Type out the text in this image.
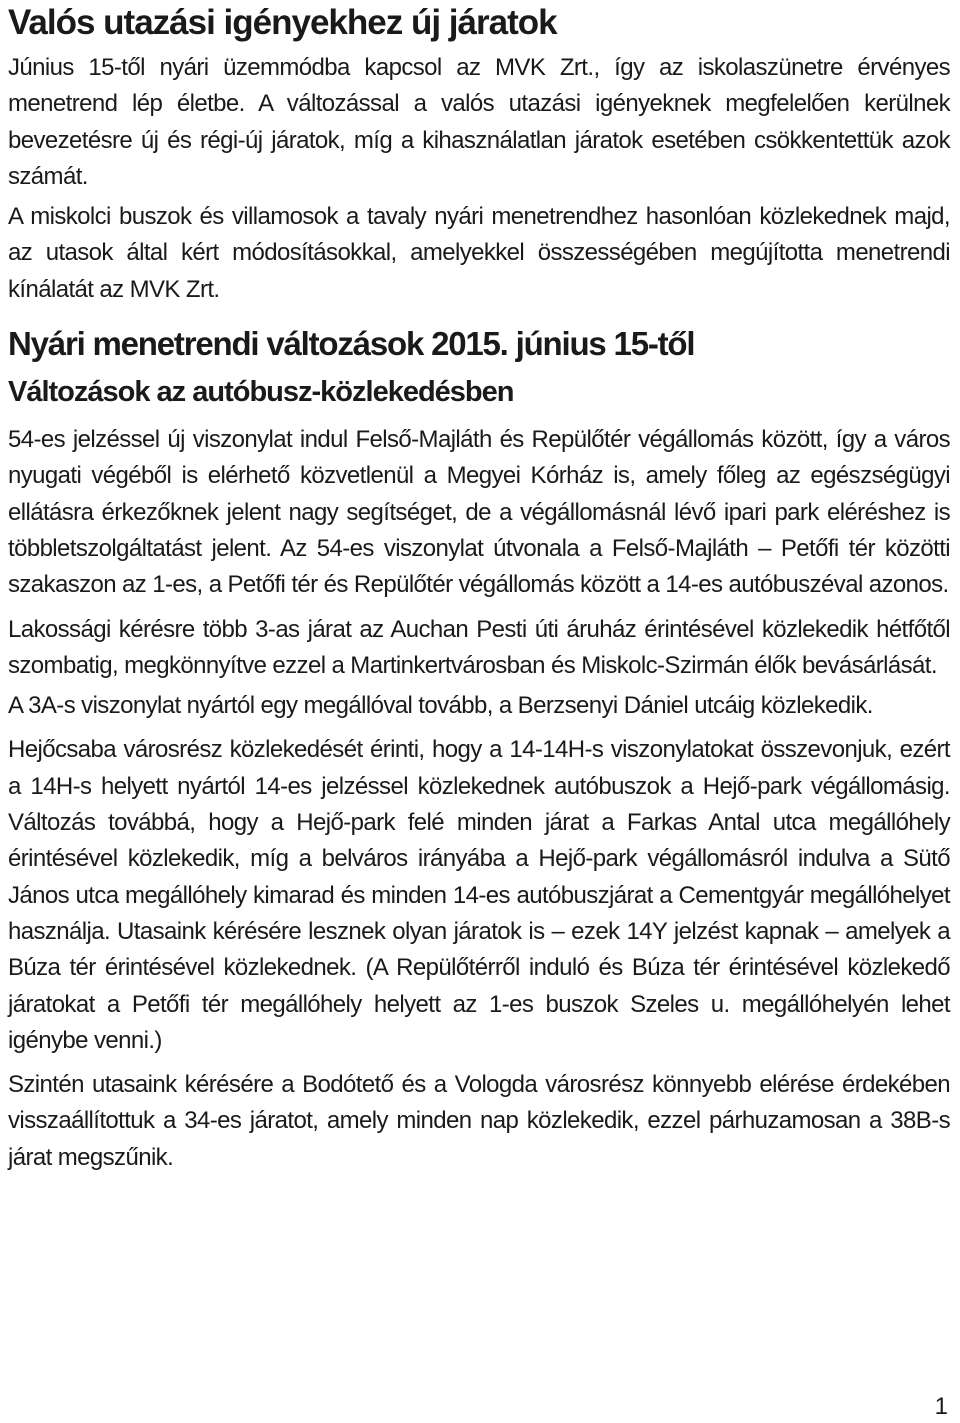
Valós utazási igényekhez új járatok

Június 15-től nyári üzemmódba kapcsol az MVK Zrt., így az iskolaszünetre érvényes menetrend lép életbe. A változással a valós utazási igényeknek megfelelően kerülnek bevezetésre új és régi-új járatok, míg a kihasználatlan járatok esetében csökkentettük azok számát.

A miskolci buszok és villamosok a tavaly nyári menetrendhez hasonlóan közlekednek majd, az utasok által kért módosításokkal, amelyekkel összességében megújította menetrendi kínálatát az MVK Zrt.

Nyári menetrendi változások 2015. június 15-től
Változások az autóbusz-közlekedésben

54-es jelzéssel új viszonylat indul Felső-Majláth és Repülőtér végállomás között, így a város nyugati végéből is elérhető közvetlenül a Megyei Kórház is, amely főleg az egészségügyi ellátásra érkezőknek jelent nagy segítséget, de a végállomásnál lévő ipari park eléréshez is többletszolgáltatást jelent. Az 54-es viszonylat útvonala a Felső-Majláth – Petőfi tér közötti szakaszon az 1-es, a Petőfi tér és Repülőtér végállomás között a 14-es autóbuszéval azonos.

Lakossági kérésre több 3-as járat az Auchan Pesti úti áruház érintésével közlekedik hétfőtől szombatig, megkönnyítve ezzel a Martinkertvárosban és Miskolc-Szirmán élők bevásárlását.

A 3A-s viszonylat nyártól egy megállóval tovább, a Berzsenyi Dániel utcáig közlekedik.

Hejőcsaba városrész közlekedését érinti, hogy a 14-14H-s viszonylatokat összevonjuk, ezért a 14H-s helyett nyártól 14-es jelzéssel közlekednek autóbuszok a Hejő-park végállomásig. Változás továbbá, hogy a Hejő-park felé minden járat a Farkas Antal utca megállóhely érintésével közlekedik, míg a belváros irányába a Hejő-park végállomásról indulva a Sütő János utca megállóhely kimarad és minden 14-es autóbuszjárat a Cementgyár megállóhelyet használja. Utasaink kérésére lesznek olyan járatok is – ezek 14Y jelzést kapnak – amelyek a Búza tér érintésével közlekednek. (A Repülőtérről induló és Búza tér érintésével közlekedő járatokat a Petőfi tér megállóhely helyett az 1-es buszok Szeles u. megállóhelyén lehet igénybe venni.)

Szintén utasaink kérésére a Bodótető és a Vologda városrész könnyebb elérése érdekében visszaállítottuk a 34-es járatot, amely minden nap közlekedik, ezzel párhuzamosan a 38B-s járat megszűnik.

1
